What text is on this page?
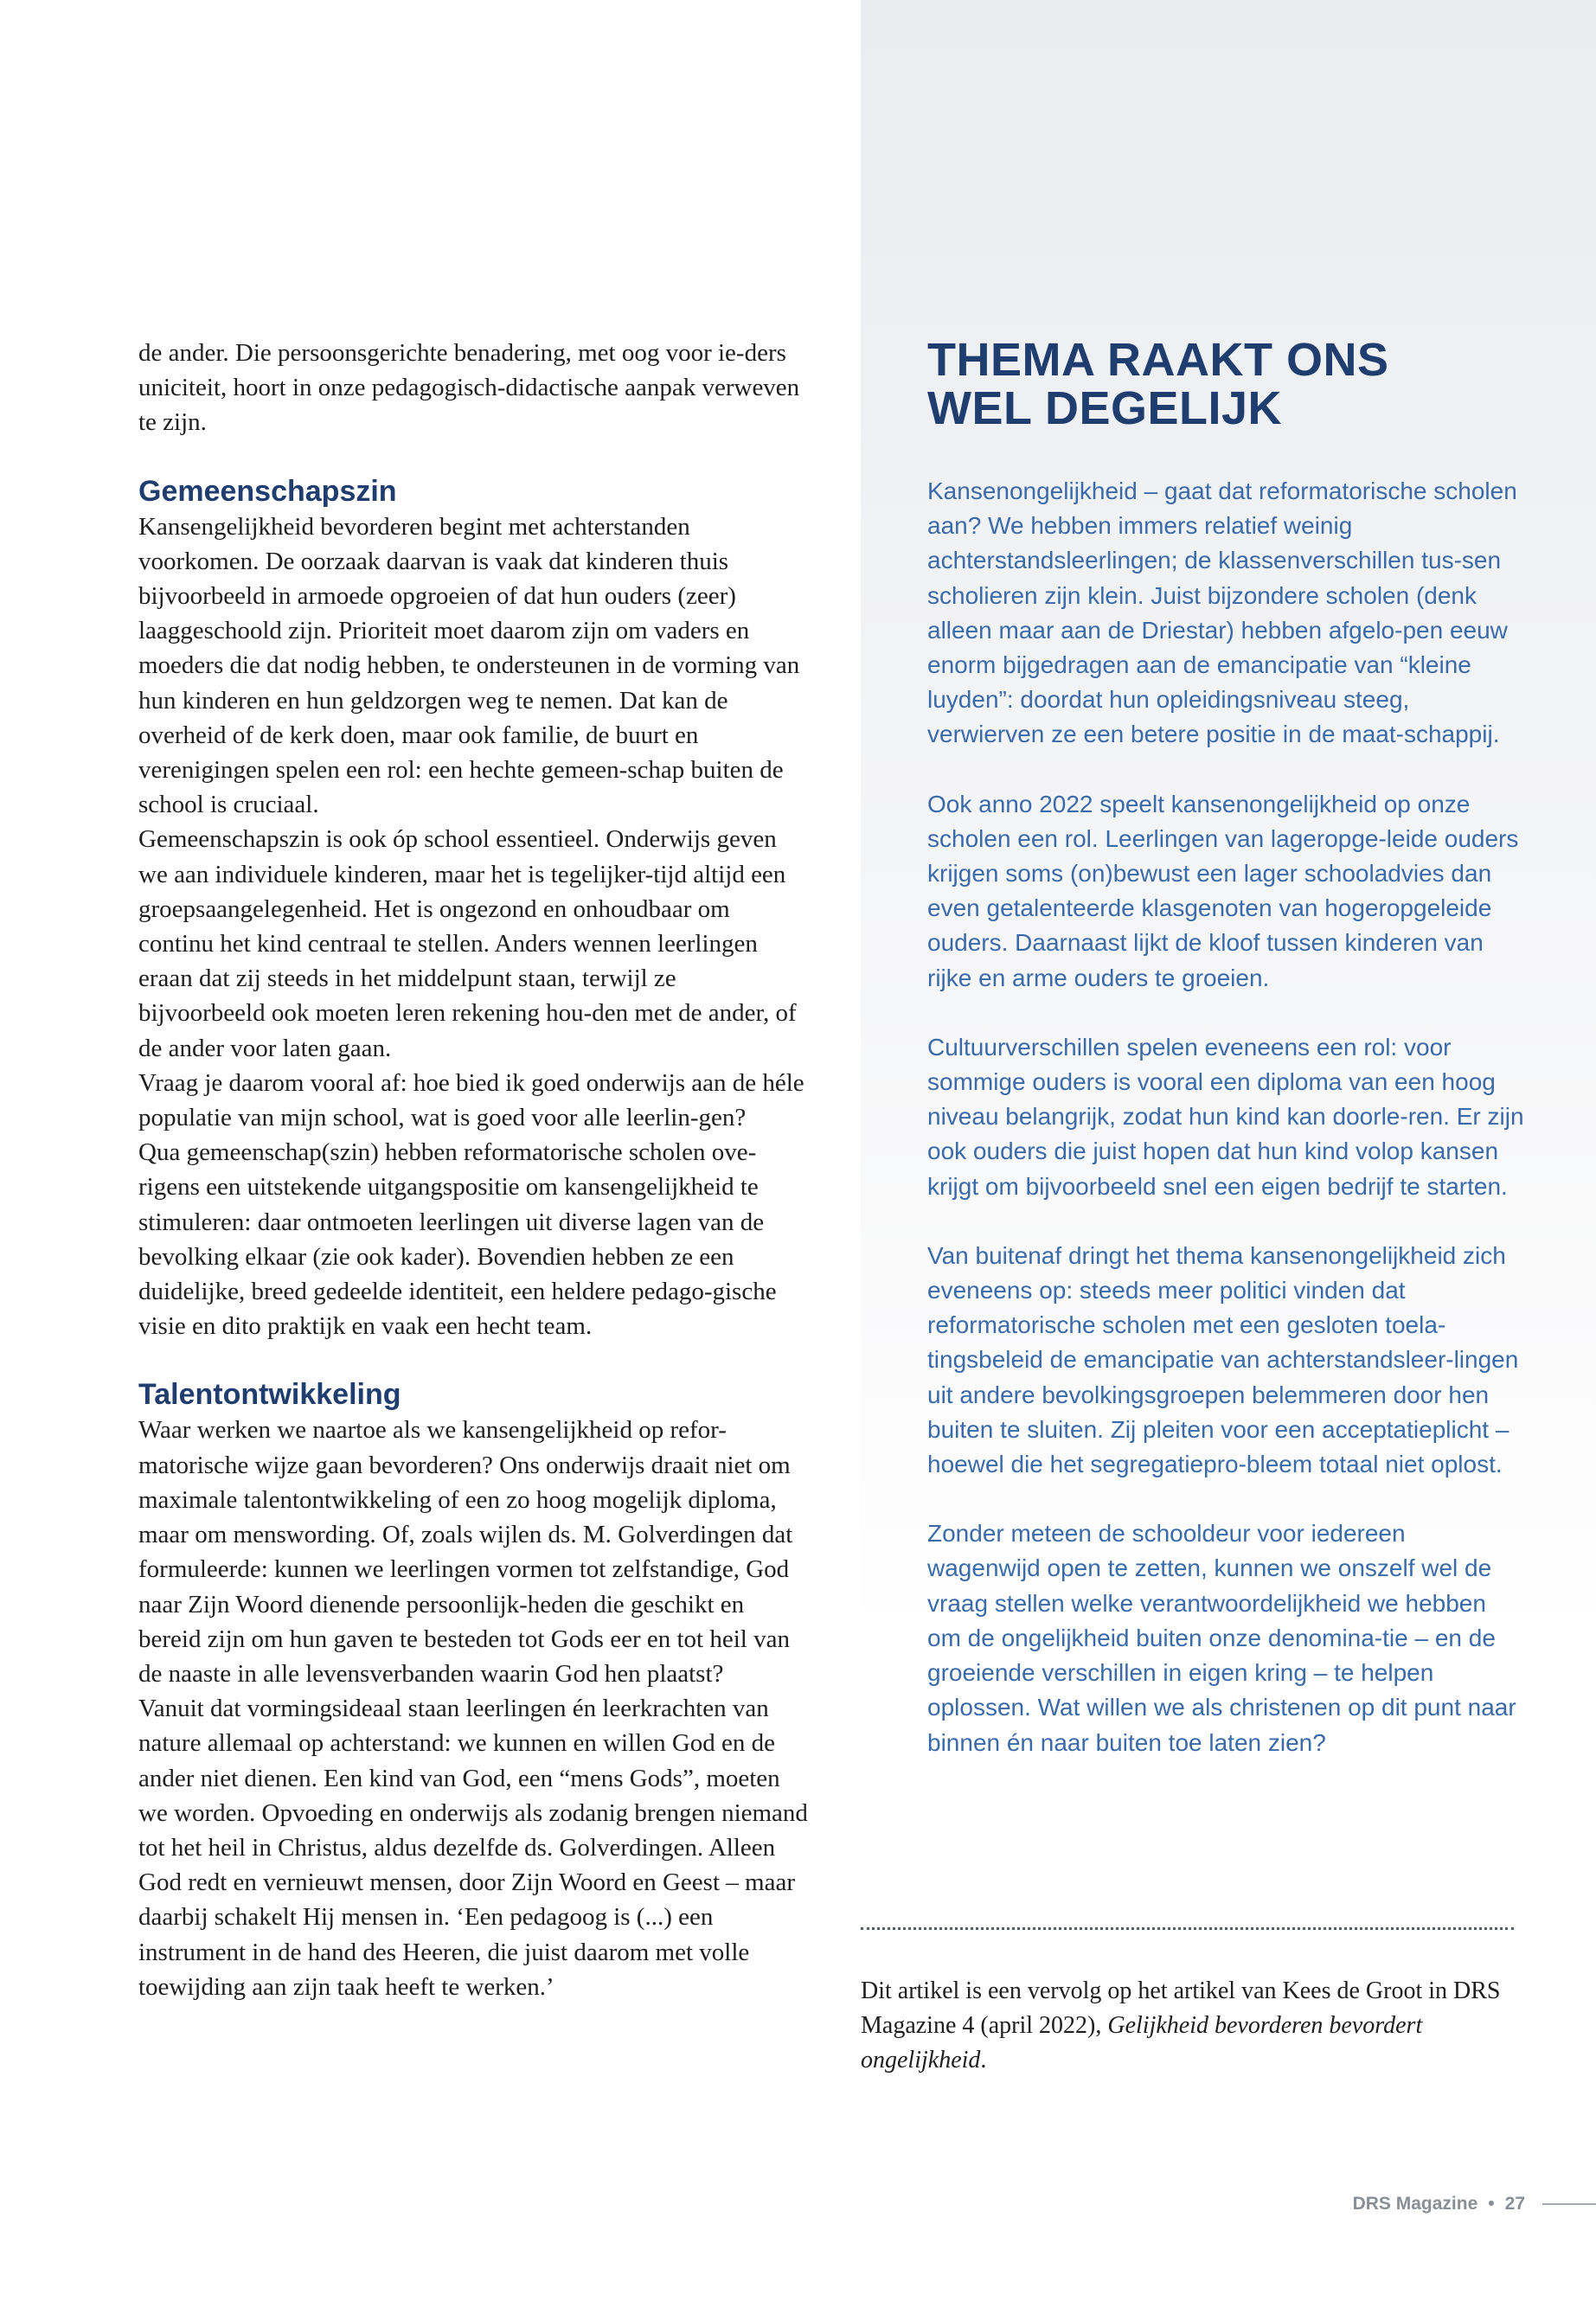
de ander. Die persoonsgerichte benadering, met oog voor ie-ders uniciteit, hoort in onze pedagogisch-didactische aanpak verweven te zijn.

Gemeenschapszin

Kansengelijkheid bevorderen begint met achterstanden voorkomen. De oorzaak daarvan is vaak dat kinderen thuis bijvoorbeeld in armoede opgroeien of dat hun ouders (zeer) laaggeschoold zijn. Prioriteit moet daarom zijn om vaders en moeders die dat nodig hebben, te ondersteunen in de vorming van hun kinderen en hun geldzorgen weg te nemen. Dat kan de overheid of de kerk doen, maar ook familie, de buurt en verenigingen spelen een rol: een hechte gemeen-schap buiten de school is cruciaal.

Gemeenschapszin is ook óp school essentieel. Onderwijs geven we aan individuele kinderen, maar het is tegelijker-tijd altijd een groepsaangelegenheid. Het is ongezond en onhoudbaar om continu het kind centraal te stellen. Anders wennen leerlingen eraan dat zij steeds in het middelpunt staan, terwijl ze bijvoorbeeld ook moeten leren rekening hou-den met de ander, of de ander voor laten gaan.

Vraag je daarom vooral af: hoe bied ik goed onderwijs aan de héle populatie van mijn school, wat is goed voor alle leerlin-gen?

Qua gemeenschap(szin) hebben reformatorische scholen ove-rigens een uitstekende uitgangspositie om kansengelijkheid te stimuleren: daar ontmoeten leerlingen uit diverse lagen van de bevolking elkaar (zie ook kader). Bovendien hebben ze een duidelijke, breed gedeelde identiteit, een heldere pedago-gische visie en dito praktijk en vaak een hecht team.

Talentontwikkeling

Waar werken we naartoe als we kansengelijkheid op refor-matorische wijze gaan bevorderen? Ons onderwijs draait niet om maximale talentontwikkeling of een zo hoog mogelijk diploma, maar om menswording. Of, zoals wijlen ds. M. Golverdingen dat formuleerde: kunnen we leerlingen vormen tot zelfstandige, God naar Zijn Woord dienende persoonlijk-heden die geschikt en bereid zijn om hun gaven te besteden tot Gods eer en tot heil van de naaste in alle levensverbanden waarin God hen plaatst?

Vanuit dat vormingsideaal staan leerlingen én leerkrachten van nature allemaal op achterstand: we kunnen en willen God en de ander niet dienen. Een kind van God, een “mens Gods”, moeten we worden. Opvoeding en onderwijs als zodanig brengen niemand tot het heil in Christus, aldus dezelfde ds. Golverdingen. Alleen God redt en vernieuwt mensen, door Zijn Woord en Geest – maar daarbij schakelt Hij mensen in. ‘Een pedagoog is (...) een instrument in de hand des Heeren, die juist daarom met volle toewijding aan zijn taak heeft te werken.’

THEMA RAAKT ONS
WEL DEGELIJK

Kansenongelijkheid – gaat dat reformatorische scholen aan? We hebben immers relatief weinig achterstandsleerlingen; de klassenverschillen tus-sen scholieren zijn klein. Juist bijzondere scholen (denk alleen maar aan de Driestar) hebben afgelo-pen eeuw enorm bijgedragen aan de emancipatie van “kleine luyden”: doordat hun opleidingsniveau steeg, verwierven ze een betere positie in de maat-schappij.

Ook anno 2022 speelt kansenongelijkheid op onze scholen een rol. Leerlingen van lageropge-leide ouders krijgen soms (on)bewust een lager schooladvies dan even getalenteerde klasgenoten van hogeropgeleide ouders. Daarnaast lijkt de kloof tussen kinderen van rijke en arme ouders te groeien.

Cultuurverschillen spelen eveneens een rol: voor sommige ouders is vooral een diploma van een hoog niveau belangrijk, zodat hun kind kan doorle-ren. Er zijn ook ouders die juist hopen dat hun kind volop kansen krijgt om bijvoorbeeld snel een eigen bedrijf te starten.

Van buitenaf dringt het thema kansenongelijkheid zich eveneens op: steeds meer politici vinden dat reformatorische scholen met een gesloten toela-tingsbeleid de emancipatie van achterstandsleer-lingen uit andere bevolkingsgroepen belemmeren door hen buiten te sluiten. Zij pleiten voor een acceptatieplicht – hoewel die het segregatiepro-bleem totaal niet oplost.

Zonder meteen de schooldeur voor iedereen wagenwijd open te zetten, kunnen we onszelf wel de vraag stellen welke verantwoordelijkheid we hebben om de ongelijkheid buiten onze denomina-tie – en de groeiende verschillen in eigen kring – te helpen oplossen. Wat willen we als christenen op dit punt naar binnen én naar buiten toe laten zien?

Dit artikel is een vervolg op het artikel van Kees de Groot in DRS Magazine 4 (april 2022), Gelijkheid bevorderen bevordert ongelijkheid.

DRS Magazine • 27
